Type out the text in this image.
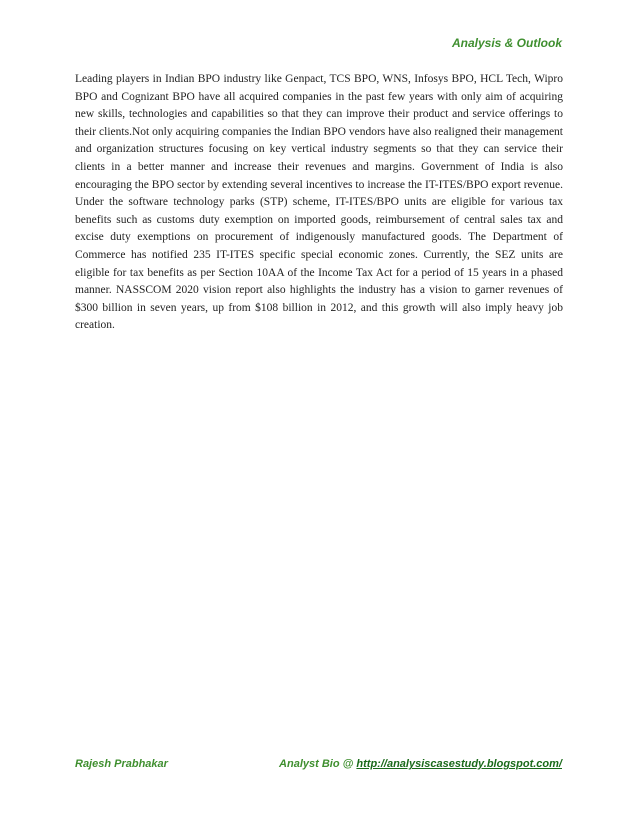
Analysis & Outlook

Leading players in Indian BPO industry like Genpact, TCS BPO, WNS, Infosys BPO, HCL Tech, Wipro BPO and Cognizant BPO have all acquired companies in the past few years with only aim of acquiring new skills, technologies and capabilities so that they can improve their product and service offerings to their clients.Not only acquiring companies the Indian BPO vendors have also realigned their management and organization structures focusing on key vertical industry segments so that they can service their clients in a better manner and increase their revenues and margins. Government of India is also encouraging the BPO sector by extending several incentives to increase the IT-ITES/BPO export revenue. Under the software technology parks (STP) scheme, IT-ITES/BPO units are eligible for various tax benefits such as customs duty exemption on imported goods, reimbursement of central sales tax and excise duty exemptions on procurement of indigenously manufactured goods. The Department of Commerce has notified 235 IT-ITES specific special economic zones. Currently, the SEZ units are eligible for tax benefits as per Section 10AA of the Income Tax Act for a period of 15 years in a phased manner. NASSCOM 2020 vision report also highlights the industry has a vision to garner revenues of $300 billion in seven years, up from $108 billion in 2012, and this growth will also imply heavy job creation.

Rajesh Prabhakar	Analyst Bio @ http://analysiscasestudy.blogspot.com/
